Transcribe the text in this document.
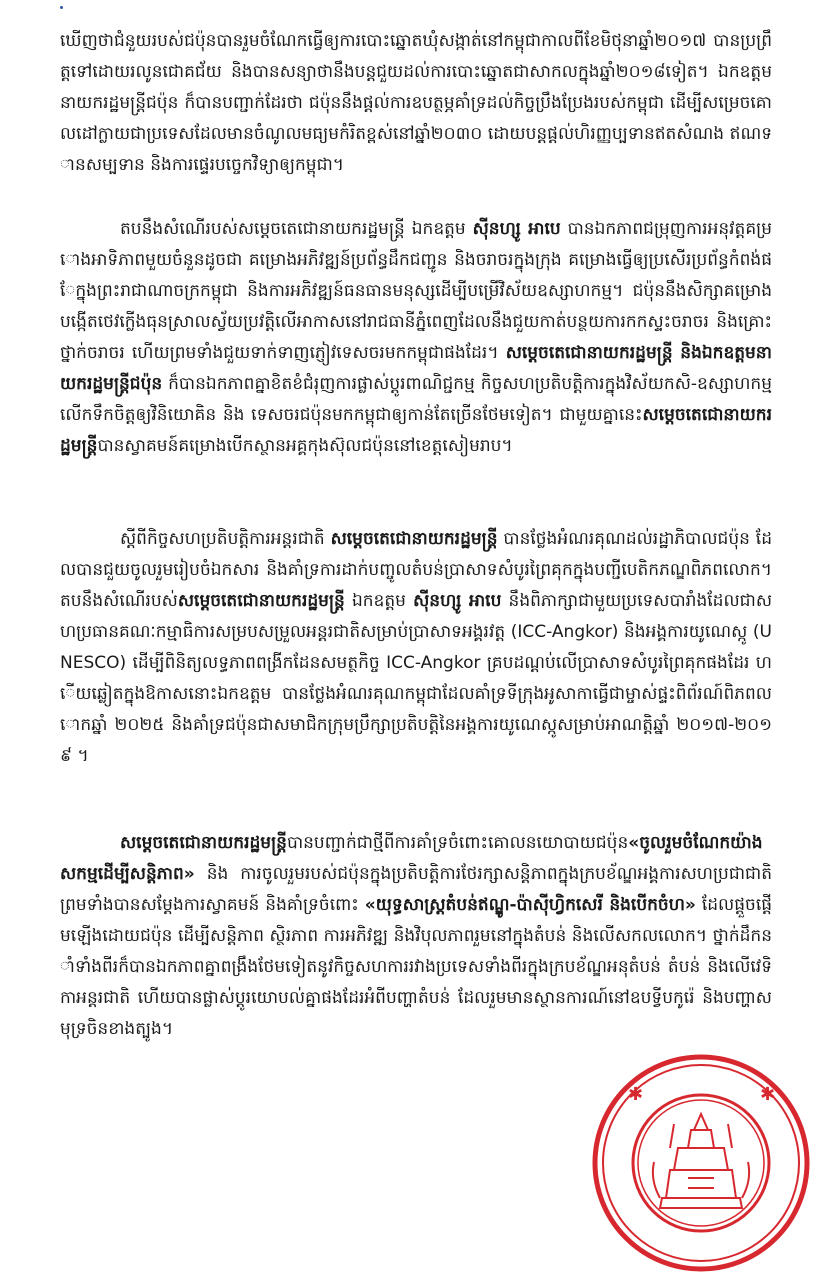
ឃើញថាជំនួយរបស់ជប៉ុនបានរួមចំណែកធ្វើឲ្យការបោះឆ្នោតឃុំសង្កាត់នៅកម្ពុជាកាលពីខែមិថុនាឆ្នាំ២០១៧ បានប្រព្រឹត្តទៅដោយរលូនជោគជ័យ និងបានសន្យាថានឹងបន្តជួយដល់ការបោះឆ្នោតជាសាកលក្នុងឆ្នាំ២០១៨ទៀត។ ឯកឧត្តមនាយករដ្ឋមន្ត្រីជប៉ុន ក៏បានបញ្ជាក់ដែរថា ជប៉ុននឹងផ្តល់ការឧបត្ថម្ភគាំទ្រដល់កិច្ចប្រឹងប្រែងរបស់កម្ពុជា ដើម្បីសម្រេចគោលដៅក្លាយជាប្រទេសដែលមានចំណូលមធ្យមកំរិតខ្ពស់នៅឆ្នាំ២០៣០ ដោយបន្តផ្តល់ហិរញ្ញប្បទានឥតសំណង ឥណទានសម្បទាន និងការផ្ទេរបច្ចេកវិទ្យាឲ្យកម្ពុជា។
តបនឹងសំណើរបស់សម្តេចតេជោនាយករដ្ឋមន្ត្រី ឯកឧត្តម ស៊ីនហ្សូ អាបេ បានឯកភាពជម្រុញការអនុវត្តគម្រោងអាទិភាពមួយចំនួនដូចជា គម្រោងអភិវឌ្ឍន៍ប្រព័ន្ធដឹកជញ្ជូន និងចរាចរក្នុងក្រុង គម្រោងធ្វើឲ្យប្រសើរប្រព័ន្ធកំពង់ផែក្នុងព្រះរាជាណាចក្រកម្ពុជា និងការអភិវឌ្ឍន៍ធនធានមនុស្សដើម្បីបម្រើវិស័យឧស្សាហកម្ម។ ជប៉ុននឹងសិក្សាគម្រោងបង្កើតថេវក្លើងធុនស្រាលស្វ័យប្រវត្តិលើអាកាសនៅរាជធានីភ្នំពេញដែលនឹងជួយកាត់បន្ថយការកកស្ទះចរាចរ និងគ្រោះថ្នាក់ចរាចរ ហើយព្រមទាំងជួយទាក់ទាញភ្ញៀវទេសចរមកកម្ពុជាផងដែរ។ សម្តេចតេជោនាយករដ្ឋមន្ត្រី និងឯកឧត្តមនាយករដ្ឋមន្ត្រីជប៉ុន ក៏បានឯកភាពគ្នាខិតខំជំរុញការផ្លាស់ប្តូរពាណិជ្ជកម្ម កិច្ចសហប្រតិបត្តិការក្នុងវិស័យកសិ-ឧស្សាហកម្ម លើកទឹកចិត្តឲ្យវិនិយោគិន និង ទេសចរជប៉ុនមកកម្ពុជាឲ្យកាន់តែច្រើនថែមទៀត។ ជាមួយគ្នានេះសម្តេចតេជោនាយករដ្ឋមន្ត្រីបានស្វាគមន៍គម្រោងបើកស្ថានអគ្គកុងស៊ុលជប៉ុននៅខេត្តសៀមរាប។
ស្តីពីកិច្ចសហប្រតិបត្តិការអន្តរជាតិ សម្តេចតេជោនាយករដ្ឋមន្ត្រី បានថ្លែងអំណរគុណដល់រដ្ឋាភិបាលជប៉ុន ដែលបានជួយចូលរួមរៀបចំឯកសារ និងគាំទ្រការដាក់បញ្ចូលតំបន់ប្រាសាទសំបូរព្រៃគុកក្នុងបញ្ជីបេតិកភណ្ឌពិភពលោក។ តបនឹងសំណើរបស់សម្តេចតេជោនាយករដ្ឋមន្ត្រី ឯកឧត្តម ស៊ីនហ្សូ អាបេ នឹងពិភាក្សាជាមួយប្រទេសបារាំងដែលជាសហប្រធានគណៈកម្មាធិការសម្របសម្រួលអន្តរជាតិសម្រាប់ប្រាសាទអង្គរវត្ត (ICC-Angkor) និងអង្គការយូណេស្កូ (UNESCO) ដើម្បីពិនិត្យលទ្ធភាពពង្រីកដែនសមត្ថកិច្ច ICC-Angkor គ្របដណ្តប់លើប្រាសាទសំបូរព្រៃគុកផងដែរ ហើយឆ្លៀតក្នុងឱកាសនោះឯកឧត្តម បានថ្លែងអំណរគុណកម្ពុជាដែលគាំទ្រទីក្រុងអូសាកាធ្វើជាម្ចាស់ផ្ទះពិព័រណ៍ពិភពលោកឆ្នាំ ២០២៥ និងគាំទ្រជប៉ុនជាសមាជិកក្រុមប្រឹក្សាប្រតិបត្តិនៃអង្គការយូណេស្កូសម្រាប់អាណត្តិឆ្នាំ ២០១៧-២០១៩ ។
សម្តេចតេជោនាយករដ្ឋមន្ត្រីបានបញ្ជាក់ជាថ្មីពីការគាំទ្រចំពោះគោលនយោបាយជប៉ុន«ចូលរួមចំណែកយ៉ាងសកម្មដើម្បីសន្តិភាព» និង ការចូលរួមរបស់ជប៉ុនក្នុងប្រតិបត្តិការថែរក្សាសន្តិភាពក្នុងក្របខ័ណ្ឌអង្គការសហប្រជាជាតិ ព្រមទាំងបានសម្តែងការស្វាគមន៍ និងគាំទ្រចំពោះ «យុទ្ធសាស្ត្រតំបន់ឥណ្ឌូ-ប៉ាស៊ីហ្វិកសេរី និងបើកចំហ» ដែលផ្តួចផ្តើមឡើងដោយជប៉ុន ដើម្បីសន្តិភាព ស្ថិរភាព ការអភិវឌ្ឍ និងវិបុលភាពរួមនៅក្នុងតំបន់ និងលើសកលលោក។ ថ្នាក់ដឹកនាំទាំងពីរក៏បានឯកភាពគ្នាពង្រឹងថែមទៀតនូវកិច្ចសហការរវាងប្រទេសទាំងពីរក្នុងក្របខ័ណ្ឌអនុតំបន់ តំបន់ និងលើវេទិកាអន្តរជាតិ ហើយបានផ្លាស់ប្តូរយោបល់គ្នាផងដែរអំពីបញ្ហាតំបន់ ដែលរួមមានស្ថានការណ៍នៅឧបទ្វីបកូរ៉េ និងបញ្ហាសមុទ្រចិនខាងត្បូង។
✱	✱
